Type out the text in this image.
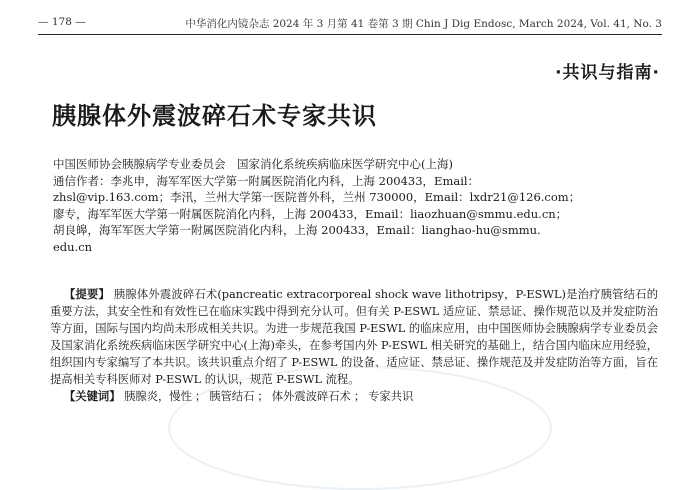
— 178 —	中华消化内镜杂志 2024 年 3 月第 41 卷第 3 期 Chin J Dig Endosc, March 2024, Vol. 41, No. 3
·共识与指南·
胰腺体外震波碎石术专家共识
中国医师协会胰腺病学专业委员会　国家消化系统疾病临床医学研究中心(上海)
通信作者：李兆申，海军军医大学第一附属医院消化内科，上海 200433，Email：
zhsl@vip.163.com；李汛，兰州大学第一医院普外科，兰州 730000，Email：lxdr21@126.com；
廖专，海军军医大学第一附属医院消化内科，上海 200433，Email：liaozhuan@smmu.edu.cn；
胡良皞，海军军医大学第一附属医院消化内科，上海 200433，Email：lianghao-hu@smmu.
edu.cn

【提要】 胰腺体外震波碎石术(pancreatic extracorporeal shock wave lithotripsy，P-ESWL)是治疗胰管结石的重要方法，其安全性和有效性已在临床实践中得到充分认可。但有关 P-ESWL 适应证、禁忌证、操作规范以及并发症防治等方面，国际与国内均尚未形成相关共识。为进一步规范我国 P-ESWL 的临床应用，由中国医师协会胰腺病学专业委员会及国家消化系统疾病临床医学研究中心(上海)牵头，在参考国内外 P-ESWL 相关研究的基础上，结合国内临床应用经验，组织国内专家编写了本共识。该共识重点介绍了 P-ESWL 的设备、适应证、禁忌证、操作规范及并发症防治等方面，旨在提高相关专科医师对 P-ESWL 的认识，规范 P-ESWL 流程。

【关键词】 胰腺炎，慢性 ； 胰管结石 ； 体外震波碎石术 ； 专家共识
